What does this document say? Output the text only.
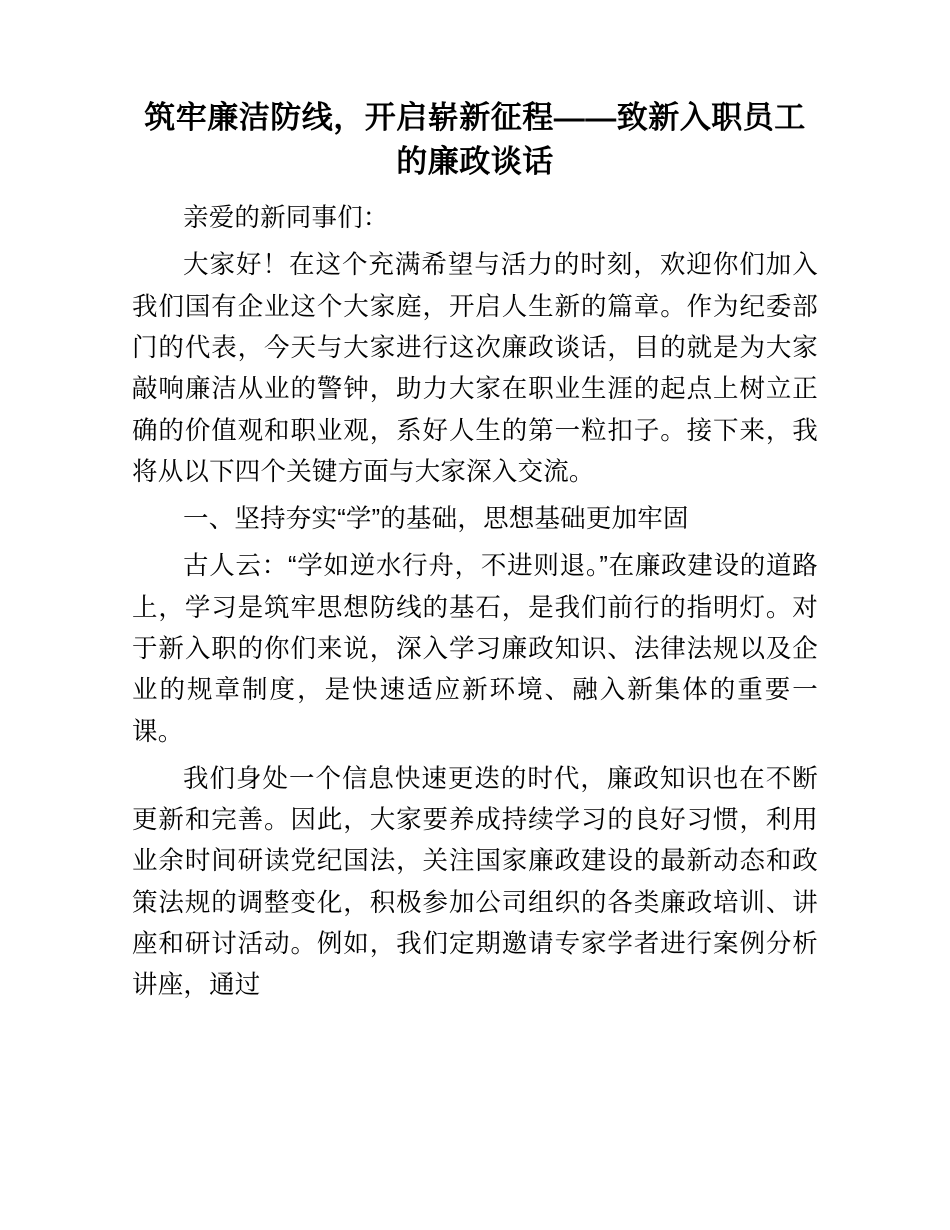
筑牢廉洁防线，开启崭新征程——致新入职员工的廉政谈话

亲爱的新同事们：

大家好！在这个充满希望与活力的时刻，欢迎你们加入我们国有企业这个大家庭，开启人生新的篇章。作为纪委部门的代表，今天与大家进行这次廉政谈话，目的就是为大家敲响廉洁从业的警钟，助力大家在职业生涯的起点上树立正确的价值观和职业观，系好人生的第一粒扣子。接下来，我将从以下四个关键方面与大家深入交流。

一、坚持夯实“学”的基础，思想基础更加牢固

古人云：“学如逆水行舟，不进则退。”在廉政建设的道路上，学习是筑牢思想防线的基石，是我们前行的指明灯。对于新入职的你们来说，深入学习廉政知识、法律法规以及企业的规章制度，是快速适应新环境、融入新集体的重要一课。

我们身处一个信息快速更迭的时代，廉政知识也在不断更新和完善。因此，大家要养成持续学习的良好习惯，利用业余时间研读党纪国法，关注国家廉政建设的最新动态和政策法规的调整变化，积极参加公司组织的各类廉政培训、讲座和研讨活动。例如，我们定期邀请专家学者进行案例分析讲座，通过
